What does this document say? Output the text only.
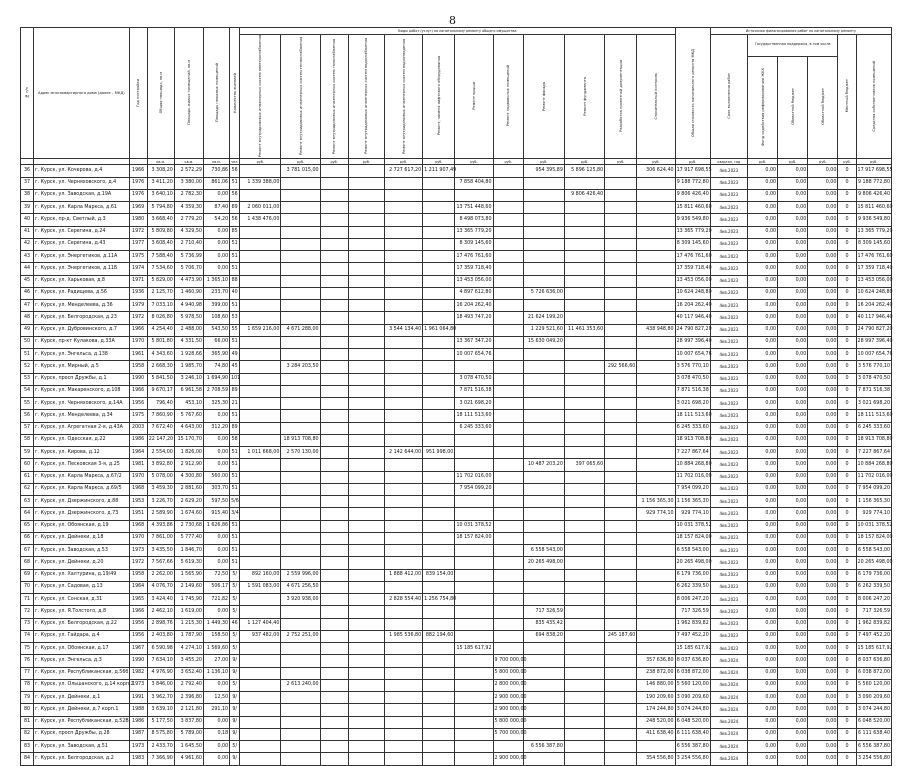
8
№ п/п	Адрес многоквартирного дома (далее – МКД)	Год постройки	Общая площадь, кв.м	Площадь жилых помещений, кв.м	Площадь нежилых помещений	Количество жителей	Виды работ (услуг) по капитальному ремонту общего имущества												Общая стоимость капитального ремонта МКД	Источники финансирования работ по капитальному ремонту					
							Ремонт внутридомовых инженерных систем электроснабжения	Ремонт внутридомовых инженерных систем теплоснабжения	Ремонт внутридомовых инженерных систем газоснабжения	Ремонт внутридомовых инженерных систем водоснабжения	Ремонт внутридомовых инженерных систем водоотведения	Ремонт, замена лифтового оборудования	Ремонт крыши	Ремонт подвальных помещений	Ремонт фасада	Ремонт фундамента	Разработка проектной документации	Строительный контроль		Срок выполнения работ	Государственная поддержка, в том числе			Местный бюджет	Средства собственников помещений
																					Фонд содействия реформированию ЖКХ	Областной бюджет	Областной бюджет		
			кв.м.	кв.м.	кв.м.	чел.	руб.	руб.	руб.	руб.	руб.	руб.	руб.	руб.	руб.	руб.	руб.	руб.	руб.	квартал, год	руб.	руб.	руб.	руб.	руб.
36	г. Курск, ул. Кочерова, д.4	1966	3 308,20	2 572,29	730,86	56		3 781 015,00			2 727 617,20	1 211 907,49			954 395,89	5 896 125,80		306 624,40	17 917 698,55	4кв.2023	0,00	0,00	0,00	0	17 917 698,55
37	г. Курск, ул. Черняховского, д.4	1976	3 411,20	3 380,00	861,06	51	1 339 388,00						7 858 404,80						9 188 772,80	4кв.2023	0,00	0,00	0,00	0	9 188 772,80
38	г. Курск, ул. Заводская, д.19А	1976	3 640,10	2 782,30	0,00	56										9 806 426,40			9 806 426,40	4кв.2023	0,00	0,00	0,00	0	9 806 426,40
39	г. Курск, ул. Карла Маркса, д.61	1969	5 794,80	4 359,30	87,40	89	2 060 011,00						13 751 448,60						15 811 460,60	4кв.2023	0,00	0,00	0,00	0	15 811 460,60
40	г. Курск, пр-д. Светлый, д.3	1980	3 668,40	2 779,20	54,20	56	1 438 476,00						8 498 073,80						9 936 549,80	4кв.2023	0,00	0,00	0,00	0	9 936 549,80
41	г. Курск, ул. Серегина, д.24	1972	5 809,80	4 329,50	0,00	85							13 365 779,20						13 365 779,20	4кв.2023	0,00	0,00	0,00	0	13 365 779,20
42	г. Курск, ул. Серегина, д.43	1977	3 608,40	2 710,40	0,00	51							8 309 145,60						8 309 145,60	4кв.2023	0,00	0,00	0,00	0	8 309 145,60
43	г. Курск, ул. Энергетиков, д.11А	1975	7 588,40	5 736,99	0,00	51							17 476 761,60						17 476 761,60	4кв.2023	0,00	0,00	0,00	0	17 476 761,60
44	г. Курск, ул. Энергетиков, д.11Б	1974	7 534,60	5 706,70	0,00	51							17 359 718,40						17 359 718,40	4кв.2023	0,00	0,00	0,00	0	17 359 718,40
45	г. Курск, ул. Харьковая, д.8	1971	5 829,00	4 473,90	1 365,10	88							13 453 056,00						13 453 056,00	4кв.2023	0,00	0,00	0,00	0	13 453 056,00
46	г. Курск, ул. Радищева, д.56	1936	2 125,70	1 460,90	233,70	40							4 897 612,80		5 726 636,00				10 624 248,80	4кв.2023	0,00	0,00	0,00	0	10 624 248,80
47	г. Курск, ул. Менделеева, д.36	1979	7 033,10	4 940,98	399,00	51							16 204 262,40						16 204 262,40	4кв.2023	0,00	0,00	0,00	0	16 204 262,40
48	г. Курск, ул. Белгородская, д.23	1972	8 026,80	5 978,50	108,60	53							18 493 747,20		21 624 199,20				40 117 946,40	4кв.2023	0,00	0,00	0,00	0	40 117 946,40
49	г. Курск, ул. Дубровинского, д.7	1966	4 254,40	2 488,00	543,50	55	1 659 216,00	4 671 288,00			3 544 134,40	1 961 064,80			1 229 521,60	11 461 353,60		438 948,80	24 790 827,20	4кв.2023	0,00	0,00	0,00	0	24 790 827,20
50	г. Курск, пр-кт Кулакова, д.33А	1970	5 801,80	4 331,50	66,00	51							13 367 347,20		15 630 049,20				28 997 396,40	4кв.2023	0,00	0,00	0,00	0	28 997 396,40
51	г. Курск, ул. Энгельса, д.138	1961	4 343,60	1 928,66	365,90	49							10 007 654,76						10 007 654,76	4кв.2023	0,00	0,00	0,00	0	10 007 654,76
52	г. Курск, ул. Мирный, д.5	1958	2 668,30	1 985,70	74,80	45		3 284 203,50									292 566,60		3 576 770,10	4кв.2023	0,00	0,00	0,00	0	3 576 770,10
53	г. Курск, просп Дружбы, д.1	1990	5 841,50	3 246,10	1 694,90	101							3 078 470,50						3 078 470,50	4кв.2023	0,00	0,00	0,00	0	3 078 470,50
54	г. Курск, ул. Макаренского, д.108	1966	9 670,17	6 961,58	2 708,59	89							7 871 516,38						7 871 516,38	4кв.2023	0,00	0,00	0,00	0	7 871 516,38
55	г. Курск, ул. Черняховского, д.14А	1956	796,40	453,10	325,30	21							3 021 698,20						3 021 698,20	4кв.2023	0,00	0,00	0,00	0	3 021 698,20
56	г. Курск, ул. Менделеева, д.34	1975	7 860,90	5 767,60	0,00	51							18 111 513,60						18 111 513,60	4кв.2023	0,00	0,00	0,00	0	18 111 513,60
57	г. Курск, ул. Агрегатная 2-я, д.43А	2003	7 672,40	4 643,00	312,20	89							6 245 333,60						6 245 333,60	4кв.2023	0,00	0,00	0,00	0	6 245 333,60
58	г. Курск, ул. Одесская, д.22	1986	22 147,20	15 170,70	0,00	58		18 913 708,80											18 913 708,80	4кв.2023	0,00	0,00	0,00	0	18 913 708,80
59	г. Курск, ул. Кирова, д.12	1964	2 554,00	1 826,00	0,00	51	1 011 668,00	2 570 130,00			2 142 644,00	951 998,00							7 227 867,64	4кв.2023	0,00	0,00	0,00	0	7 227 867,64
60	г. Курск, ул. Песковская 3-я, д.25	1981	3 892,80	2 912,90	0,00	51									10 487 203,20	397 065,60			10 884 268,80	4кв.2023	0,00	0,00	0,00	0	10 884 268,80
61	г. Курск, ул. Карла Маркса, д.67/2	1970	5 078,00	4 300,80	560,00	51							11 702 016,00						11 702 016,00	4кв.2023	0,00	0,00	0,00	0	11 702 016,00
62	г. Курск, ул. Карла Маркса, д.69/5	1968	3 459,30	2 881,60	303,70	51							7 954 099,20						7 954 099,20	4кв.2023	0,00	0,00	0,00	0	7 954 099,20
63	г. Курск, ул. Дзержинского, д.88	1953	3 226,70	2 629,20	597,50	5/6												1 156 365,30	1 156 365,30	4кв.2023	0,00	0,00	0,00	0	1 156 365,30
64	г. Курск, ул. Дзержинского, д.73	1951	2 589,90	1 674,60	915,40	3/4												929 774,10	929 774,10	4кв.2023	0,00	0,00	0,00	0	929 774,10
65	г. Курск, ул. Обоянская, д.19	1968	4 393,86	2 730,68	1 626,86	51							10 031 378,52						10 031 378,52	4кв.2023	0,00	0,00	0,00	0	10 031 378,52
66	г. Курск, ул. Дейнеки, д.18	1970	7 861,00	5 777,40	0,00	51							18 157 824,00						18 157 824,00	4кв.2023	0,00	0,00	0,00	0	18 157 824,00
67	г. Курск, ул. Заводская, д.53	1973	3 435,50	1 846,70	0,00	51									6 558 543,00				6 558 543,00	4кв.2023	0,00	0,00	0,00	0	6 558 543,00
68	г. Курск, ул. Дейнеки, д.20	1972	7 567,66	5 619,30	0,00	51									20 265 498,00				20 265 498,00	4кв.2023	0,00	0,00	0,00	0	20 265 498,00
69	г. Курск, ул. Халтурина, д.19/49	1958	2 262,00	1 565,90	72,50	5/	892 160,00	2 559 996,00			1 888 412,00	839 154,00							6 179 736,00	4кв.2023	0,00	0,00	0,00	0	6 179 736,00
70	г. Курск, ул. Садовая, д.13	1964	4 076,70	2 149,60	506,17	5/	1 591 083,00	4 671 256,50											6 262 339,50	4кв.2023	0,00	0,00	0,00	0	6 262 339,50
71	г. Курск, ул. Сонская, д.31	1965	3 424,40	1 745,90	721,82	5/		3 920 938,00			2 828 554,40	1 256 754,80							8 006 247,20	4кв.2023	0,00	0,00	0,00	0	8 006 247,20
72	г. Курск, ул. Я.Толстого, д.8	1966	2 462,10	1 619,00	0,00	5/									717 326,59				717 326,59	4кв.2023	0,00	0,00	0,00	0	717 326,59
73	г. Курск, ул. Белгородская, д.22	1956	2 898,76	1 215,30	1 449,30	46	1 127 404,40								835 435,42				1 962 839,82	4кв.2023	0,00	0,00	0,00	0	1 962 839,82
74	г. Курск, ул. Гайдара, д.4	1956	2 403,80	1 787,90	158,50	5/	937 482,00	2 752 251,00			1 985 536,80	882 194,60			694 838,20		245 187,60		7 497 452,20	4кв.2023	0,00	0,00	0,00	0	7 497 452,20
75	г. Курск, ул. Обоянская, д.17	1967	6 590,98	4 274,10	1 569,60	5/							15 185 617,92						15 185 617,92	4кв.2023	0,00	0,00	0,00	0	15 185 617,92
76	г. Курск, ул. Энгельса, д.3	1990	7 634,10	3 455,20	27,00	9/								9 700 000,00				357 636,80	8 037 636,80	4кв.2024	0,00	0,00	0,00	0	8 037 636,80
77	г. Курск, ул. Республиканская, д.56б	1982	4 976,90	3 652,40	1 136,10	9/								5 800 000,00				238 872,00	6 038 872,00	4кв.2024	0,00	0,00	0,00	0	6 038 872,00
78	г. Курск, ул. Ольшанского, д.14 корп.2	1973	3 846,00	2 792,40	0,00	5/		2 613 240,00						2 800 000,00				146 880,00	5 560 120,00	4кв.2024	0,00	0,00	0,00	0	5 560 120,00
79	г. Курск, ул. Дейнеки, д.1	1991	3 962,70	2 396,80	12,50	9/								2 900 000,00				190 209,60	3 090 209,60	4кв.2024	0,00	0,00	0,00	0	3 090 209,60
80	г. Курск, ул. Дейнеки, д.7 корп.1	1988	3 639,10	2 121,80	291,10	9/								2 900 000,00				174 244,80	3 074 244,80	4кв.2024	0,00	0,00	0,00	0	3 074 244,80
81	г. Курск, ул. Республиканская, д.52В	1986	5 177,50	3 837,80	0,00	9/								5 800 000,00				248 520,00	6 048 520,00	4кв.2024	0,00	0,00	0,00	0	6 048 520,00
82	г. Курск, просп Дружбы, д.28	1987	8 575,80	5 789,00	0,18	9/								5 700 000,00				411 638,40	6 111 638,40	4кв.2024	0,00	0,00	0,00	0	6 111 638,40
83	г. Курск, ул. Заводская, д.51	1973	2 433,70	1 645,50	0,00	5/									6 556 387,80				6 556 387,80	4кв.2024	0,00	0,00	0,00	0	6 556 387,80
84	г. Курск, ул. Белгородская, д.2	1983	7 366,90	4 961,60	0,00	9/								2 900 000,00				354 556,80	3 254 556,80	4кв.2024	0,00	0,00	0,00	0	3 254 556,80
